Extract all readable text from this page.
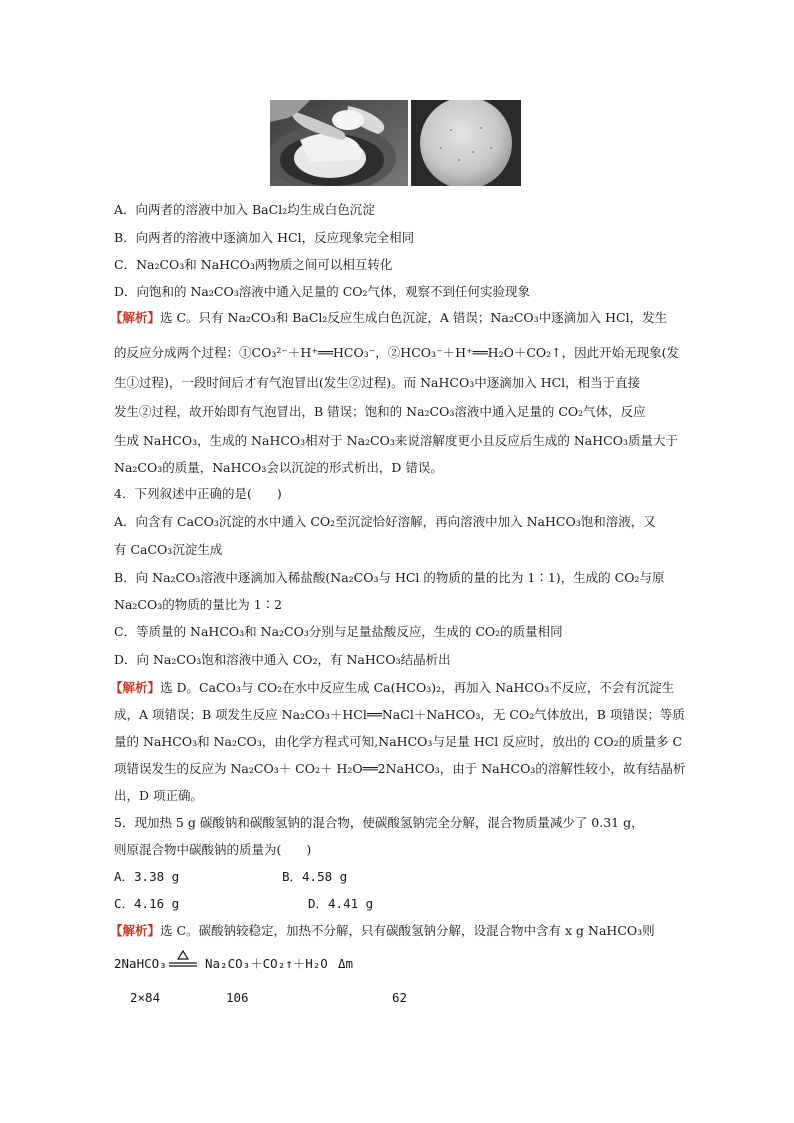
A．向两者的溶液中加入 BaCl₂均生成白色沉淀
B．向两者的溶液中逐滴加入 HCl，反应现象完全相同
C．Na₂CO₃和 NaHCO₃两物质之间可以相互转化
D．向饱和的 Na₂CO₃溶液中通入足量的 CO₂气体，观察不到任何实验现象
【解析】选 C。只有 Na₂CO₃和 BaCl₂反应生成白色沉淀，A 错误；Na₂CO₃中逐滴加入 HCl，发生
的反应分成两个过程：①CO₃²⁻＋H⁺══HCO₃⁻，②HCO₃⁻＋H⁺══H₂O＋CO₂↑，因此开始无现象(发
生①过程)，一段时间后才有气泡冒出(发生②过程)。而 NaHCO₃中逐滴加入 HCl，相当于直接
发生②过程，故开始即有气泡冒出，B 错误；饱和的 Na₂CO₃溶液中通入足量的 CO₂气体，反应
生成 NaHCO₃，生成的 NaHCO₃相对于 Na₂CO₃来说溶解度更小且反应后生成的 NaHCO₃质量大于
Na₂CO₃的质量，NaHCO₃会以沉淀的形式析出，D 错误。
4．下列叙述中正确的是(　　)
A．向含有 CaCO₃沉淀的水中通入 CO₂至沉淀恰好溶解，再向溶液中加入 NaHCO₃饱和溶液，又
有 CaCO₃沉淀生成
B．向 Na₂CO₃溶液中逐滴加入稀盐酸(Na₂CO₃与 HCl 的物质的量的比为 1∶1)，生成的 CO₂与原
Na₂CO₃的物质的量比为 1∶2
C．等质量的 NaHCO₃和 Na₂CO₃分别与足量盐酸反应，生成的 CO₂的质量相同
D．向 Na₂CO₃饱和溶液中通入 CO₂，有 NaHCO₃结晶析出
【解析】选 D。CaCO₃与 CO₂在水中反应生成 Ca(HCO₃)₂，再加入 NaHCO₃不反应，不会有沉淀生
成，A 项错误；B 项发生反应 Na₂CO₃＋HCl══NaCl＋NaHCO₃，无 CO₂气体放出，B 项错误；等质
量的 NaHCO₃和 Na₂CO₃，由化学方程式可知,NaHCO₃与足量 HCl 反应时，放出的 CO₂的质量多 C
项错误发生的反应为 Na₂CO₃＋ CO₂＋ H₂O══2NaHCO₃，由于 NaHCO₃的溶解性较小，故有结晶析
出，D 项正确。
5．现加热 5 g 碳酸钠和碳酸氢钠的混合物，使碳酸氢钠完全分解，混合物质量减少了 0.31 g，
则原混合物中碳酸钠的质量为(　　)
A．3.38 g	B．4.58 g
C．4.16 g	D．4.41 g
【解析】选 C。碳酸钠较稳定，加热不分解，只有碳酸氢钠分解，设混合物中含有 x g NaHCO₃则
2NaHCO₃	Na₂CO₃＋CO₂↑＋H₂O Δm
2×84	106	62
